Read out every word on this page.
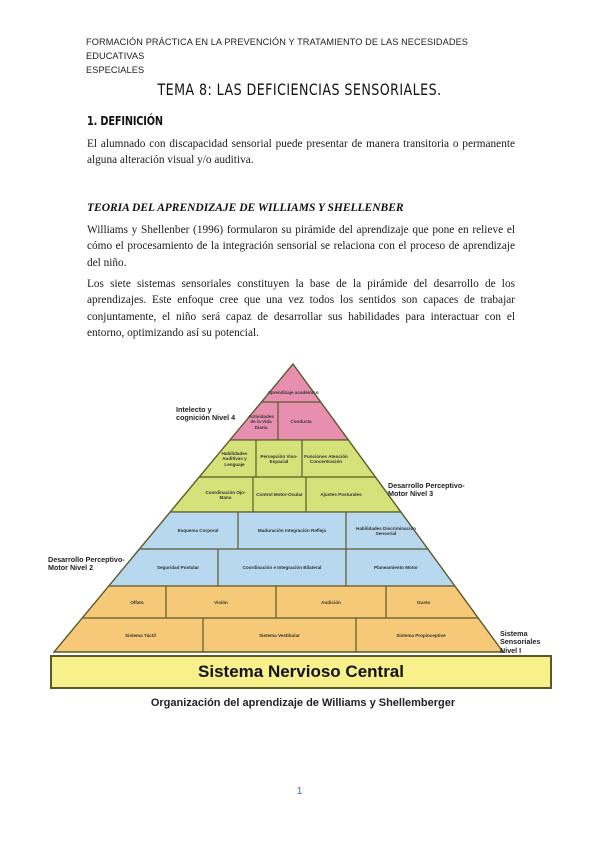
FORMACIÓN PRÁCTICA EN LA PREVENCIÓN Y TRATAMIENTO DE LAS NECESIDADES EDUCATIVAS
ESPECIALES
TEMA 8: LAS DEFICIENCIAS SENSORIALES.
1. DEFINICIÓN
El alumnado con discapacidad sensorial puede presentar de manera transitoria o permanente alguna alteración visual y/o auditiva.
TEORIA DEL APRENDIZAJE DE WILLIAMS Y SHELLENBER
Williams y Shellenber (1996) formularon su pirámide del aprendizaje que pone en relieve el cómo el procesamiento de la integración sensorial se relaciona con el proceso de aprendizaje del niño.
Los siete sistemas sensoriales constituyen la base de la pirámide del desarrollo de los aprendizajes. Este enfoque cree que una vez todos los sentidos son capaces de trabajar conjuntamente, el niño será capaz de desarrollar sus habilidades para interactuar con el entorno, optimizando así su potencial.
Aprendizaje académico
Actividades de la Vida Diaria
Conducta
Habilidades Auditivas y Lenguaje
Percepción Viso-Espacial
Funciones Atención Concentración
Coordinación Ojo-Mano
Control Motor-Ocular	Ajustes Posturales
Esquema Corporal	Maduración Integración Refleja
Habilidades Discriminación Sensorial
Seguridad Postular	Coordinación e Integración Bilateral	Planeamiento Motor
Olfato	Visión	Audición	Gusto
Sistema Táctil	Sistema Vestibular	Sistema Propioceptive
Intelecto y cognición Nivel 4
Desarrollo Perceptivo-Motor Nivel 3
Desarrollo Perceptivo-Motor Nivel 2
Sistema Sensoriales Nivel I
Sistema Nervioso Central
Organización del aprendizaje de Williams y Shellemberger
1
